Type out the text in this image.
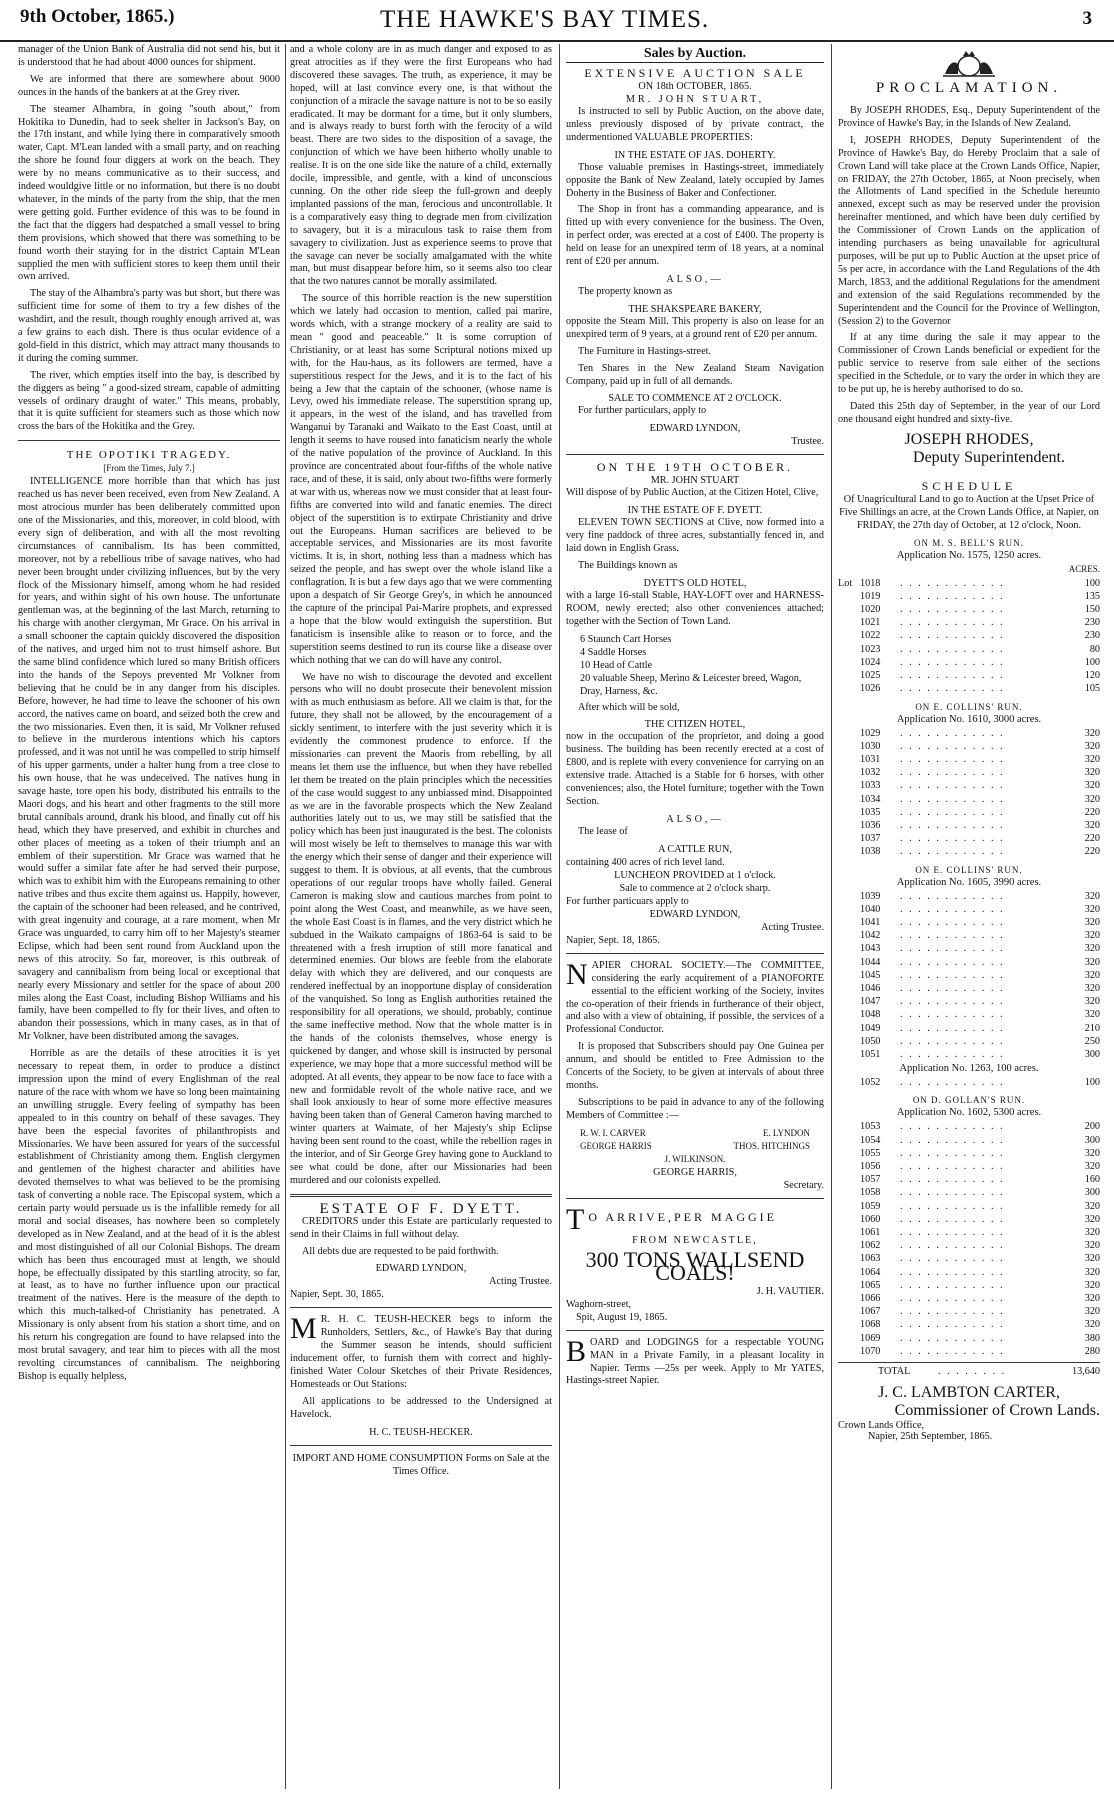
9th October, 1865.)	THE HAWKE'S BAY TIMES.	3

manager of the Union Bank of Australia did not send his, but it is understood that he had about 4000 ounces for shipment.

We are informed that there are somewhere about 9000 ounces in the hands of the bankers at at the Grey river.

The steamer Alhambra, in going "south about," from Hokitika to Dunedin, had to seek shelter in Jackson's Bay, on the 17th instant, and while lying there in comparatively smooth water, Capt. M'Lean landed with a small party, and on reaching the shore he found four diggers at work on the beach. They were by no means communicative as to their success, and indeed wouldgive little or no information, but there is no doubt whatever, in the minds of the party from the ship, that the men were getting gold. Further evidence of this was to be found in the fact that the diggers had despatched a small vessel to bring them provisions, which showed that there was something to be found worth their staying for in the district Captain M'Lean supplied the men with sufficient stores to keep them until their own arrived.

The stay of the Alhambra's party was but short, but there was sufficient time for some of them to try a few dishes of the washdirt, and the result, though roughly enough arrived at, was a few grains to each dish. There is thus ocular evidence of a gold-field in this district, which may attract many thousands to it during the coming summer.

The river, which empties itself into the bay, is described by the diggers as being " a good-sized stream, capable of admitting vessels of ordinary draught of water." This means, probably, that it is quite sufficient for steamers such as those which now cross the bars of the Hokitika and the Grey.

THE OPOTIKI TRAGEDY.
[From the Times, July 7.]

INTELLIGENCE more horrible than that which has just reached us has never been received, even from New Zealand. A most atrocious murder has been deliberately committed upon one of the Missionaries, and this, moreover, in cold blood, with every sign of deliberation, and with all the most revolting circumstances of cannibalism. Its has been committed, moreover, not by a rebellious tribe of savage natives, who had never been brought under civilizing influences, but by the very flock of the Missionary himself, among whom he had resided for years, and within sight of his own house. The unfortunate gentleman was, at the beginning of the last March, returning to his charge with another clergyman, Mr Grace. On his arrival in a small schooner the captain quickly discovered the disposition of the natives, and urged him not to trust himself ashore. But the same blind confidence which lured so many British officers into the hands of the Sepoys prevented Mr Volkner from believing that he could be in any danger from his disciples. Before, however, he had time to leave the schooner of his own accord, the natives came on board, and seized both the crew and the two missionaries. Even then, it is said, Mr Volkner refused to believe in the murderous intentions which his captors professed, and it was not until he was compelled to strip himself of his upper garments, under a halter hung from a tree close to his own house, that he was undeceived. The natives hung in savage haste, tore open his body, distributed his entrails to the Maori dogs, and his heart and other fragments to the still more brutal cannibals around, drank his blood, and finally cut off his head, which they have preserved, and exhibit in churches and other places of meeting as a token of their triumph and an emblem of their superstition. Mr Grace was warned that he would suffer a similar fate after he had served their purpose, which was to exhibit him with the Europeans remaining to other native tribes and thus excite them against us. Happily, however, the captain of the schooner had been released, and he contrived, with great ingenuity and courage, at a rare moment, when Mr Grace was unguarded, to carry him off to her Majesty's steamer Eclipse, which had been sent round from Auckland upon the news of this atrocity. So far, moreover, is this outbreak of savagery and cannibalism from being local or exceptional that nearly every Missionary and settler for the space of about 200 miles along the East Coast, including Bishop Williams and his family, have been compelled to fly for their lives, and often to abandon their possessions, which in many cases, as in that of Mr Volkner, have been distributed among the savages.

Horrible as are the details of these atrocities it is yet necessary to repeat them, in order to produce a distinct impression upon the mind of every Englishman of the real nature of the race with whom we have so long been maintaining an unwilling struggle. Every feeling of sympathy has been appealed to in this country on behalf of these savages. They have been the especial favorites of philanthropists and Missionaries. We have been assured for years of the successful establishment of Christianity among them. English clergymen and gentlemen of the highest character and abilities have devoted themselves to what was believed to be the promising task of converting a noble race. The Episcopal system, which a certain party would persuade us is the infallible remedy for all moral and social diseases, has nowhere been so completely developed as in New Zealand, and at the head of it is the ablest and most distinguished of all our Colonial Bishops. The dream which has been thus encouraged must at length, we should hope, be effectually dissipated by this startling atrocity, so far, at least, as to have no further influence upon our practical treatment of the natives. Here is the measure of the depth to which this much-talked-of Christianity has penetrated. A Missionary is only absent from his station a short time, and on his return his congregation are found to have relapsed into the most brutal savagery, and tear him to pieces with all the most revolting circumstances of cannibalism. The neighboring Bishop is equally helpless,

and a whole colony are in as much danger and exposed to as great atrocities as if they were the first Europeans who had discovered these savages. The truth, as experience, it may be hoped, will at last convince every one, is that without the conjunction of a miracle the savage natture is not to be so easily eradicated. It may be dormant for a time, but it only slumbers, and is always ready to burst forth with the ferocity of a wild beast. There are two sides to the disposition of a savage, the conjunction of which we have been hitherto wholly unable to realise. It is on the one side like the nature of a child, externally docile, impressible, and gentle, with a kind of unconscious cunning. On the other ride sleep the full-grown and deeply implanted passions of the man, ferocious and uncontrollable. It is a comparatively easy thing to degrade men from civilization to savagery, but it is a miraculous task to raise them from savagery to civilization. Just as experience seems to prove that the savage can never be socially amalgamated with the white man, but must disappear before him, so it seems also too clear that the two natures cannot be morally assimilated.

The source of this horrible reaction is the new superstition which we lately had occasion to mention, called pai marire, words which, with a strange mockery of a reality are said to mean " good and peaceable." It is some corruption of Christianity, or at least has some Scriptural notions mixed up with, for the Hau-haus, as its followers are termed, have a superstitious respect for the Jews, and it is to the fact of his being a Jew that the captain of the schooner, (whose name is Levy, owed his immediate release. The superstition sprang up, it appears, in the west of the island, and has travelled from Wanganui by Taranaki and Waikato to the East Coast, until at length it seems to have roused into fanaticism nearly the whole of the native population of the province of Auckland. In this province are concentrated about four-fifths of the whole native race, and of these, it is said, only about two-fifths were formerly at war with us, whereas now we must consider that at least four-fifths are converted into wild and fanatic enemies. The direct object of the superstition is to extirpate Christianity and drive out the Europeans. Human sacrifices are believed to be acceptable services, and Missionaries are its most favorite victims. It is, in short, nothing less than a madness which has seized the people, and has swept over the whole island like a conflagration. It is but a few days ago that we were commenting upon a despatch of Sir George Grey's, in which he announced the capture of the principal Pai-Marire prophets, and expressed a hope that the blow would extinguish the superstition. But fanaticism is insensible alike to reason or to force, and the superstition seems destined to run its course like a disease over which nothing that we can do will have any control.

We have no wish to discourage the devoted and excellent persons who will no doubt prosecute their benevolent mission with as much enthusiasm as before. All we claim is that, for the future, they shall not be allowed, by the encouragement of a sickly sentiment, to interfere with the just severity which it is evidently the commonest prudence to enforce. If the missionaries can prevent the Maoris from rebelling, by all means let them use the influence, but when they have rebelled let them be treated on the plain principles which the necessities of the case would suggest to any unbiassed mind. Disappointed as we are in the favorable prospects which the New Zealand authorities lately out to us, we may still be satisfied that the policy which has been just inaugurated is the best. The colonists will most wisely be left to themselves to manage this war with the energy which their sense of danger and their experience will suggest to them. It is obvious, at all events, that the cumbrous operations of our regular troops have wholly failed. General Cameron is making slow and cautious marches from point to point along the West Coast, and meanwhile, as we have seen, the whole East Coast is in flames, and the very district which he subdued in the Waikato campaigns of 1863-64 is said to be threatened with a fresh irruption of still more fanatical and determined enemies. Our blows are feeble from the elaborate delay with which they are delivered, and our conquests are rendered ineffectual by an inopportune display of consideration of the vanquished. So long as English authorities retained the responsibility for all operations, we should, probably, continue the same ineffective method. Now that the whole matter is in the hands of the colonists themselves, whose energy is quickened by danger, and whose skill is instructed by personal experience, we may hope that a more successful method will be adopted. At all events, they appear to be now face to face with a new and formidable revolt of the whole native race, and we shall look anxiously to hear of some more effective measures having been taken than of General Cameron having marched to winter quarters at Waimate, of her Majesty's ship Eclipse having been sent round to the coast, while the rebellion rages in the interior, and of Sir George Grey having gone to Auckland to see what could be done, after our Missionaries had been murdered and our colonists expelled.

ESTATE OF F. DYETT.

CREDITORS under this Estate are particularly requested to send in their Claims in full without delay.

All debts due are requested to be paid forthwith.

EDWARD LYNDON,
Acting Trustee.
Napier, Sept. 30, 1865.
M R. H. C. TEUSH-HECKER begs to inform the Runholders, Settlers, &c., of Hawke's Bay that during the Summer season he intends, should sufficient inducement offer, to furnish them with correct and highly-finished Water Colour Sketches of their Private Residences, Homesteads or Out Stations:

All applications to be addressed to the Undersigned at Havelock.

H. C. TEUSH-HECKER.
IMPORT AND HOME CONSUMPTION Forms on Sale at the Times Office.
Sales by Auction.
EXTENSIVE AUCTION SALE
ON 18th OCTOBER, 1865.
MR. JOHN STUART,

Is instructed to sell by Public Auction, on the above date, unless previously disposed of by private contract, the undermentioned VALUABLE PROPERTIES:

IN THE ESTATE OF JAS. DOHERTY.

Those valuable premises in Hastings-street, immediately opposite the Bank of New Zealand, lately occupied by James Doherty in the Business of Baker and Confectioner.

The Shop in front has a commanding appearance, and is fitted up with every convenience for the business. The Oven, in perfect order, was erected at a cost of £400. The property is held on lease for an unexpired term of 18 years, at a nominal rent of £20 per annum.

ALSO,—

The property known as

THE SHAKSPEARE BAKERY,

opposite the Steam Mill. This property is also on lease for an unexpired term of 9 years, at a ground rent of £20 per annum.

The Furniture in Hastings-street.

Ten Shares in the New Zealand Steam Navigation Company, paid up in full of all demands.

SALE TO COMMENCE AT 2 O'CLOCK.

For further particulars, apply to

EDWARD LYNDON,
Trustee.
ON THE 19TH OCTOBER.
MR. JOHN STUART

Will dispose of by Public Auction, at the Citizen Hotel, Clive,

IN THE ESTATE OF F. DYETT.

ELEVEN TOWN SECTIONS at Clive, now formed into a very fine paddock of three acres, substantially fenced in, and laid down in English Grass.

The Buildings known as

DYETT'S OLD HOTEL,

with a large 16-stall Stable, HAY-LOFT over and HARNESS-ROOM, newly erected; also other conveniences attached; together with the Section of Town Land.

6 Staunch Cart Horses
4 Saddle Horses
10 Head of Cattle
20 valuable Sheep, Merino & Leicester breed, Wagon, Dray, Harness, &c.

After which will be sold,

THE CITIZEN HOTEL,

now in the occupation of the proprietor, and doing a good business. The building has been recently erected at a cost of £800, and is replete with every convenience for carrying on an extensive trade. Attached is a Stable for 6 horses, with other conveniences; also, the Hotel furniture; together with the Town Section.

ALSO,—

The lease of

A CATTLE RUN,
containing 400 acres of rich level land.
LUNCHEON PROVIDED at 1 o'clock.
Sale to commence at 2 o'clock sharp.
For further particuars apply to
EDWARD LYNDON,
Acting Trustee.
Napier, Sept. 18, 1865.
N APIER CHORAL SOCIETY.—The COMMITTEE, considering the early acquirement of a PIANOFORTE essential to the efficient working of the Society, invites the co-operation of their friends in furtherance of their object, and also with a view of obtaining, if possible, the services of a Professional Conductor.

It is proposed that Subscribers should pay One Guinea per annum, and should be entitled to Free Admission to the Concerts of the Society, to be given at intervals of about three months.

Subscriptions to be paid in advance to any of the following Members of Committee :—

R. W. I. CARVER	E. LYNDON
GEORGE HARRIS	THOS. HITCHINGS
J. WILKINSON.
GEORGE HARRIS,
Secretary.
T O ARRIVE,PER MAGGIE
FROM NEWCASTLE,
300 TONS WALLSEND COALS!
J. H. VAUTIER.
Waghorn-street,
Spit, August 19, 1865.
B OARD and LODGINGS for a respectable YOUNG MAN in a Private Family, in a pleasant locality in Napier. Terms —25s per week. Apply to Mr YATES, Hastings-street Napier.

PROCLAMATION.

By JOSEPH RHODES, Esq., Deputy Superintendent of the Province of Hawke's Bay, in the Islands of New Zealand.

I, JOSEPH RHODES, Deputy Superintendent of the Province of Hawke's Bay, do Hereby Proclaim that a sale of Crown Land will take place at the Crown Lands Office, Napier, on FRIDAY, the 27th October, 1865, at Noon precisely, when the Allotments of Land specified in the Schedule hereunto annexed, except such as may be reserved under the provision hereinafter mentioned, and which have been duly certified by the Commissioner of Crown Lands on the application of intending purchasers as being unavailable for agricultural purposes, will be put up to Public Auction at the upset price of 5s per acre, in accordance with the Land Regulations of the 4th March, 1853, and the additional Regulations for the amendment and extension of the said Regulations recommended by the Superintendent and the Council for the Province of Wellington, (Session 2) to the Governor

If at any time during the sale it may appear to the Commissioner of Crown Lands beneficial or expedient for the public service to reserve from sale either of the sections specified in the Schedule, or to vary the order in which they are to be put up, he is hereby authorised to do so.

Dated this 25th day of September, in the year of our Lord one thousand eight hundred and sixty-five.

JOSEPH RHODES,
Deputy Superintendent.
SCHEDULE

Of Unagricultural Land to go to Auction at the Upset Price of Five Shillings an acre, at the Crown Lands Office, at Napier, on FRIDAY, the 27th day of October, at 12 o'clock, Noon.

ON M. S. BELL'S RUN.
Application No. 1575, 1250 acres.
ACRES.
Lot 1018	. . . . . . . . . . . .	100
1019	. . . . . . . . . . . .	135
1020	. . . . . . . . . . . .	150
1021	. . . . . . . . . . . .	230
1022	. . . . . . . . . . . .	230
1023	. . . . . . . . . . . .	80
1024	. . . . . . . . . . . .	100
1025	. . . . . . . . . . . .	120
1026	. . . . . . . . . . . .	105
ON E. COLLINS' RUN.
Application No. 1610, 3000 acres.
1029	. . . . . . . . . . . .	320
1030	. . . . . . . . . . . .	320
1031	. . . . . . . . . . . .	320
1032	. . . . . . . . . . . .	320
1033	. . . . . . . . . . . .	320
1034	. . . . . . . . . . . .	320
1035	. . . . . . . . . . . .	220
1036	. . . . . . . . . . . .	320
1037	. . . . . . . . . . . .	220
1038	. . . . . . . . . . . .	220
ON E. COLLINS' RUN.
Application No. 1605, 3990 acres.
1039	. . . . . . . . . . . .	320
1040	. . . . . . . . . . . .	320
1041	. . . . . . . . . . . .	320
1042	. . . . . . . . . . . .	320
1043	. . . . . . . . . . . .	320
1044	. . . . . . . . . . . .	320
1045	. . . . . . . . . . . .	320
1046	. . . . . . . . . . . .	320
1047	. . . . . . . . . . . .	320
1048	. . . . . . . . . . . .	320
1049	. . . . . . . . . . . .	210
1050	. . . . . . . . . . . .	250
1051	. . . . . . . . . . . .	300
Application No. 1263, 100 acres.
1052	. . . . . . . . . . . .	100
ON D. GOLLAN'S RUN.
Application No. 1602, 5300 acres.
1053	. . . . . . . . . . . .	200
1054	. . . . . . . . . . . .	300
1055	. . . . . . . . . . . .	320
1056	. . . . . . . . . . . .	320
1057	. . . . . . . . . . . .	160
1058	. . . . . . . . . . . .	300
1059	. . . . . . . . . . . .	320
1060	. . . . . . . . . . . .	320
1061	. . . . . . . . . . . .	320
1062	. . . . . . . . . . . .	320
1063	. . . . . . . . . . . .	320
1064	. . . . . . . . . . . .	320
1065	. . . . . . . . . . . .	320
1066	. . . . . . . . . . . .	320
1067	. . . . . . . . . . . .	320
1068	. . . . . . . . . . . .	320
1069	. . . . . . . . . . . .	380
1070	. . . . . . . . . . . .	280
TOTAL	. . . . . . . .	13,640
J. C. LAMBTON CARTER,
Commissioner of Crown Lands.
Crown Lands Office,
Napier, 25th September, 1865.
